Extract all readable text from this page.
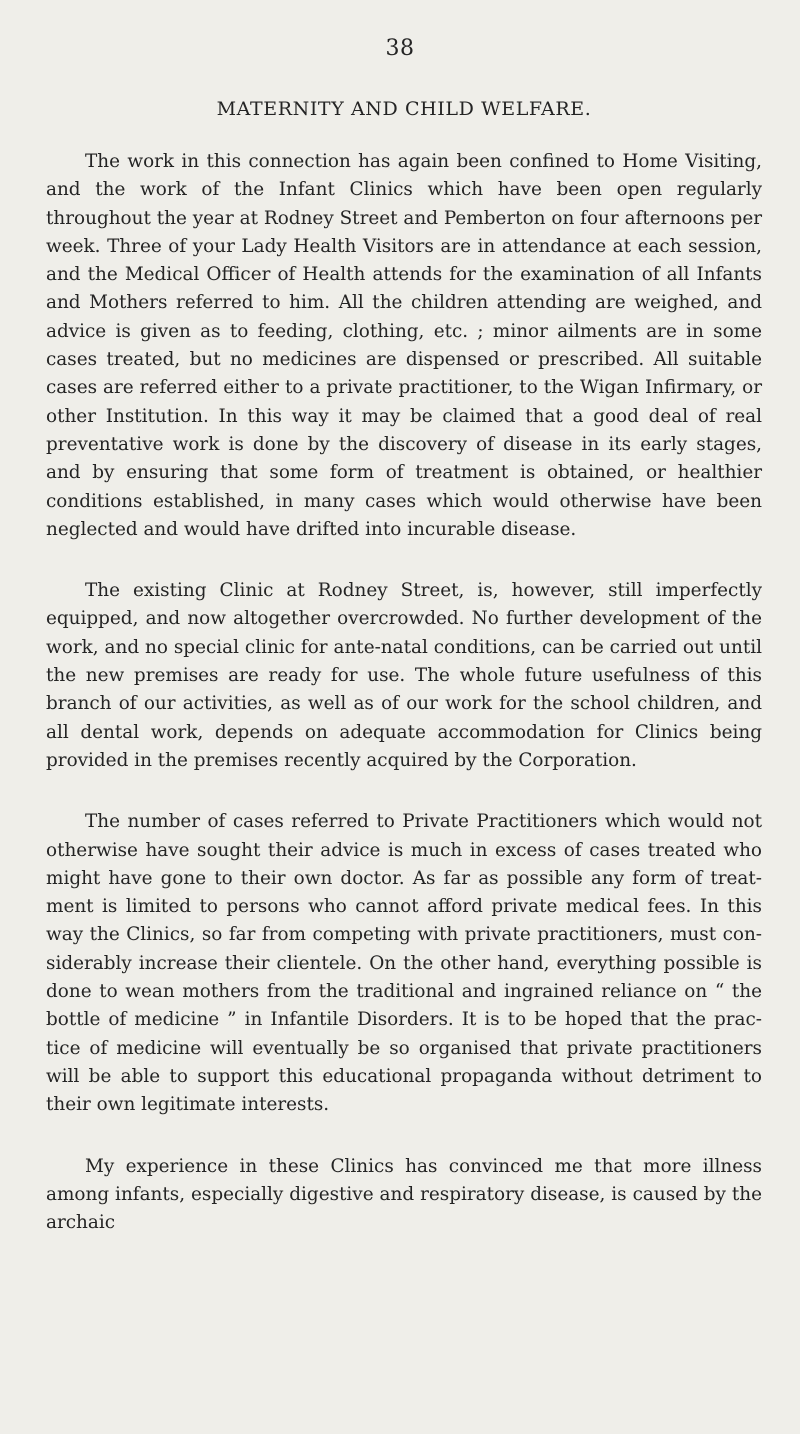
38
MATERNITY AND CHILD WELFARE.

The work in this connection has again been confined to Home Visiting, and the work of the Infant Clinics which have been open regularly throughout the year at Rodney Street and Pemberton on four afternoons per week. Three of your Lady Health Visitors are in attendance at each session, and the Medical Officer of Health attends for the examination of all Infants and Mothers referred to him. All the children attending are weighed, and advice is given as to feeding, clothing, etc. ; minor ailments are in some cases treated, but no medicines are dispensed or prescribed. All suitable cases are referred either to a private practitioner, to the Wigan Infirmary, or other Institution. In this way it may be claimed that a good deal of real preventative work is done by the discovery of disease in its early stages, and by ensuring that some form of treatment is obtained, or healthier conditions established, in many cases which would otherwise have been neglected and would have drifted into incurable disease.

The existing Clinic at Rodney Street, is, however, still imperfectly equipped, and now altogether overcrowded. No further development of the work, and no special clinic for ante-natal conditions, can be carried out until the new premises are ready for use. The whole future usefulness of this branch of our activities, as well as of our work for the school children, and all dental work, depends on adequate accommodation for Clinics being provided in the premises recently acquired by the Corporation.

The number of cases referred to Private Practitioners which would not otherwise have sought their advice is much in excess of cases treated who might have gone to their own doctor. As far as possible any form of treat- ment is limited to persons who cannot afford private medical fees. In this way the Clinics, so far from competing with private practitioners, must con- siderably increase their clientele. On the other hand, everything possible is done to wean mothers from the traditional and ingrained reliance on “ the bottle of medicine ” in Infantile Disorders. It is to be hoped that the prac- tice of medicine will eventually be so organised that private practitioners will be able to support this educational propaganda without detriment to their own legitimate interests.

My experience in these Clinics has convinced me that more illness among infants, especially digestive and respiratory disease, is caused by the archaic
